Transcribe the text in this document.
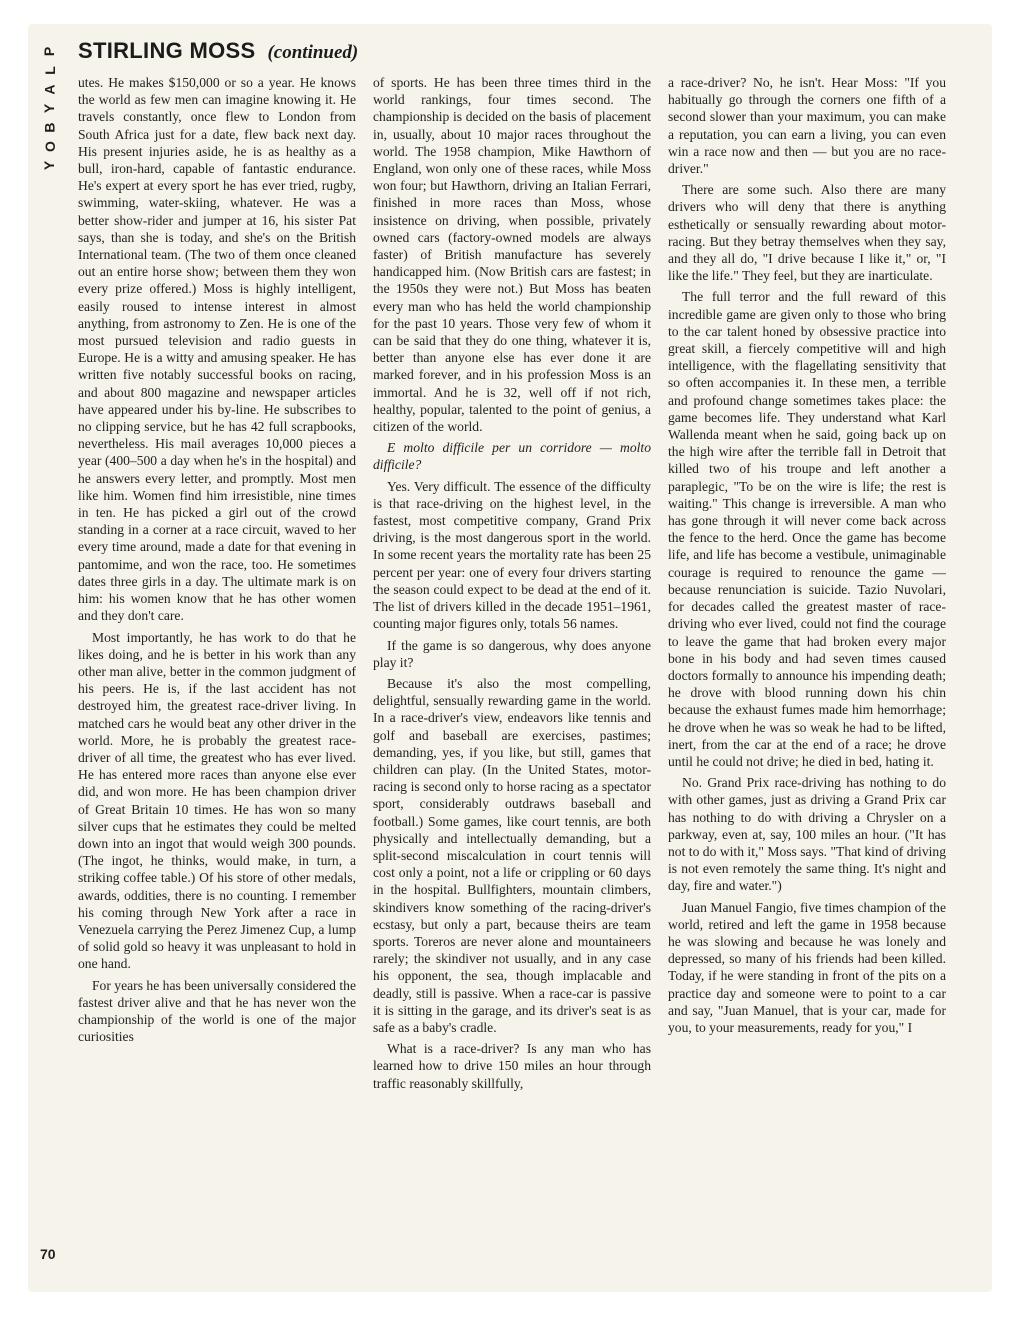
P
L
A
Y
B
O
Y
STIRLING MOSS (continued)

utes. He makes $150,000 or so a year. He knows the world as few men can imagine knowing it. He travels constantly, once flew to London from South Africa just for a date, flew back next day. His present injuries aside, he is as healthy as a bull, iron-hard, capable of fantastic endurance. He's expert at every sport he has ever tried, rugby, swimming, water-skiing, whatever. He was a better show-rider and jumper at 16, his sister Pat says, than she is today, and she's on the British International team. (The two of them once cleaned out an entire horse show; between them they won every prize offered.) Moss is highly intelligent, easily roused to intense interest in almost anything, from astronomy to Zen. He is one of the most pursued television and radio guests in Europe. He is a witty and amusing speaker. He has written five notably successful books on racing, and about 800 magazine and newspaper articles have appeared under his by-line. He subscribes to no clipping service, but he has 42 full scrapbooks, nevertheless. His mail averages 10,000 pieces a year (400–500 a day when he's in the hospital) and he answers every letter, and promptly. Most men like him. Women find him irresistible, nine times in ten. He has picked a girl out of the crowd standing in a corner at a race circuit, waved to her every time around, made a date for that evening in pantomime, and won the race, too. He sometimes dates three girls in a day. The ultimate mark is on him: his women know that he has other women and they don't care.

Most importantly, he has work to do that he likes doing, and he is better in his work than any other man alive, better in the common judgment of his peers. He is, if the last accident has not destroyed him, the greatest race-driver living. In matched cars he would beat any other driver in the world. More, he is probably the greatest race-driver of all time, the greatest who has ever lived. He has entered more races than anyone else ever did, and won more. He has been champion driver of Great Britain 10 times. He has won so many silver cups that he estimates they could be melted down into an ingot that would weigh 300 pounds. (The ingot, he thinks, would make, in turn, a striking coffee table.) Of his store of other medals, awards, oddities, there is no counting. I remember his coming through New York after a race in Venezuela carrying the Perez Jimenez Cup, a lump of solid gold so heavy it was unpleasant to hold in one hand.

For years he has been universally considered the fastest driver alive and that he has never won the championship of the world is one of the major curiosities

of sports. He has been three times third in the world rankings, four times second. The championship is decided on the basis of placement in, usually, about 10 major races throughout the world. The 1958 champion, Mike Hawthorn of England, won only one of these races, while Moss won four; but Hawthorn, driving an Italian Ferrari, finished in more races than Moss, whose insistence on driving, when possible, privately owned cars (factory-owned models are always faster) of British manufacture has severely handicapped him. (Now British cars are fastest; in the 1950s they were not.) But Moss has beaten every man who has held the world championship for the past 10 years. Those very few of whom it can be said that they do one thing, whatever it is, better than anyone else has ever done it are marked forever, and in his profession Moss is an immortal. And he is 32, well off if not rich, healthy, popular, talented to the point of genius, a citizen of the world.

E molto difficile per un corridore — molto difficile?

Yes. Very difficult. The essence of the difficulty is that race-driving on the highest level, in the fastest, most competitive company, Grand Prix driving, is the most dangerous sport in the world. In some recent years the mortality rate has been 25 percent per year: one of every four drivers starting the season could expect to be dead at the end of it. The list of drivers killed in the decade 1951–1961, counting major figures only, totals 56 names.

If the game is so dangerous, why does anyone play it?

Because it's also the most compelling, delightful, sensually rewarding game in the world. In a race-driver's view, endeavors like tennis and golf and baseball are exercises, pastimes; demanding, yes, if you like, but still, games that children can play. (In the United States, motor-racing is second only to horse racing as a spectator sport, considerably outdraws baseball and football.) Some games, like court tennis, are both physically and intellectually demanding, but a split-second miscalculation in court tennis will cost only a point, not a life or crippling or 60 days in the hospital. Bullfighters, mountain climbers, skindivers know something of the racing-driver's ecstasy, but only a part, because theirs are team sports. Toreros are never alone and mountaineers rarely; the skindiver not usually, and in any case his opponent, the sea, though implacable and deadly, still is passive. When a race-car is passive it is sitting in the garage, and its driver's seat is as safe as a baby's cradle.

What is a race-driver? Is any man who has learned how to drive 150 miles an hour through traffic reasonably skillfully,

a race-driver? No, he isn't. Hear Moss: "If you habitually go through the corners one fifth of a second slower than your maximum, you can make a reputation, you can earn a living, you can even win a race now and then — but you are no race-driver."

There are some such. Also there are many drivers who will deny that there is anything esthetically or sensually rewarding about motor-racing. But they betray themselves when they say, and they all do, "I drive because I like it," or, "I like the life." They feel, but they are inarticulate.

The full terror and the full reward of this incredible game are given only to those who bring to the car talent honed by obsessive practice into great skill, a fiercely competitive will and high intelligence, with the flagellating sensitivity that so often accompanies it. In these men, a terrible and profound change sometimes takes place: the game becomes life. They understand what Karl Wallenda meant when he said, going back up on the high wire after the terrible fall in Detroit that killed two of his troupe and left another a paraplegic, "To be on the wire is life; the rest is waiting." This change is irreversible. A man who has gone through it will never come back across the fence to the herd. Once the game has become life, and life has become a vestibule, unimaginable courage is required to renounce the game — because renunciation is suicide. Tazio Nuvolari, for decades called the greatest master of race-driving who ever lived, could not find the courage to leave the game that had broken every major bone in his body and had seven times caused doctors formally to announce his impending death; he drove with blood running down his chin because the exhaust fumes made him hemorrhage; he drove when he was so weak he had to be lifted, inert, from the car at the end of a race; he drove until he could not drive; he died in bed, hating it.

No. Grand Prix race-driving has nothing to do with other games, just as driving a Grand Prix car has nothing to do with driving a Chrysler on a parkway, even at, say, 100 miles an hour. ("It has not to do with it," Moss says. "That kind of driving is not even remotely the same thing. It's night and day, fire and water.")

Juan Manuel Fangio, five times champion of the world, retired and left the game in 1958 because he was slowing and because he was lonely and depressed, so many of his friends had been killed. Today, if he were standing in front of the pits on a practice day and someone were to point to a car and say, "Juan Manuel, that is your car, made for you, to your measurements, ready for you," I

70
